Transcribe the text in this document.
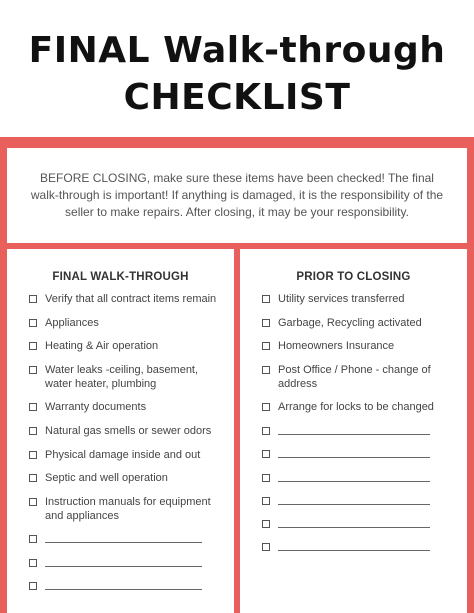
FINAL Walk-through
CHECKLIST

BEFORE CLOSING, make sure these items have been checked! The final walk-through is important! If anything is damaged, it is the responsibility of the seller to make repairs. After closing, it may be your responsibility.

FINAL WALK-THROUGH
Verify that all contract items remain
Appliances
Heating & Air operation
Water leaks -ceiling, basement, water heater, plumbing
Warranty documents
Natural gas smells or sewer odors
Physical damage inside and out
Septic and well operation
Instruction manuals for equipment and appliances
PRIOR TO CLOSING
Utility services transferred
Garbage, Recycling activated
Homeowners Insurance
Post Office / Phone - change of address
Arrange for locks to be changed
